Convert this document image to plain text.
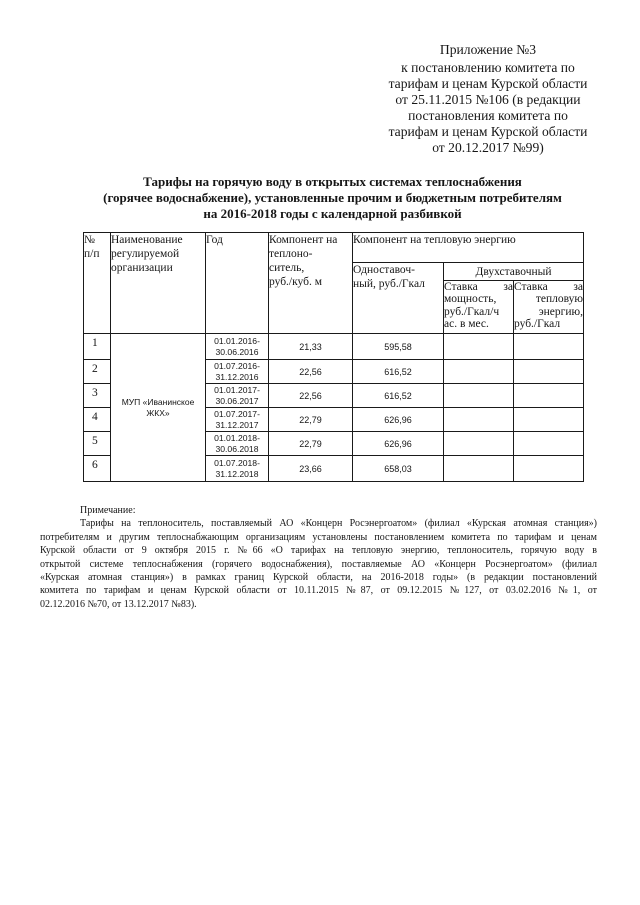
Приложение №3
к постановлению комитета по
тарифам и ценам Курской области
от 25.11.2015 №106 (в редакции
постановления комитета по
тарифам и ценам Курской области
от 20.12.2017 №99)
Тарифы на горячую воду в открытых системах теплоснабжения
(горячее водоснабжение), установленные прочим и бюджетным потребителям
на 2016-2018 годы с календарной разбивкой
№
п/п	Наименование
регулируемой
организации	Год	Компонент на
теплоно-
ситель,
руб./куб. м	Компонент на тепловую энергию		

				Одноставоч-
ный, руб./Гкал	Двухставочный	

					Ставка за
мощность,
руб./Гкал/ч
ас. в мес.	Ставка за
тепловую
энергию,
руб./Гкал

1	МУП «Иванинское ЖКХ»	01.01.2016-
30.06.2016	21,33	595,58		
2		01.07.2016-
31.12.2016	22,56	616,52		
3		01.01.2017-
30.06.2017	22,56	616,52		
4		01.07.2017-
31.12.2017	22,79	626,96		
5		01.01.2018-
30.06.2018	22,79	626,96		
6		01.07.2018-
31.12.2018	23,66	658,03		
Примечание:
Тарифы на теплоноситель, поставляемый АО «Концерн Росэнергоатом» (филиал «Курская атомная станция»)
потребителям и другим теплоснабжающим организациям установлены постановлением комитета по тарифам и ценам
Курской области от 9 октября 2015 г. №66 «О тарифах на тепловую энергию, теплоноситель, горячую воду в
открытой системе теплоснабжения (горячего водоснабжения), поставляемые АО «Концерн Росэнергоатом» (филиал
«Курская атомная станция») в рамках границ Курской области, на 2016-2018 годы» (в редакции постановлений
комитета по тарифам и ценам Курской области от 10.11.2015 №87, от 09.12.2015 №127, от 03.02.2016 №1, от
02.12.2016 №70, от 13.12.2017 №83).
